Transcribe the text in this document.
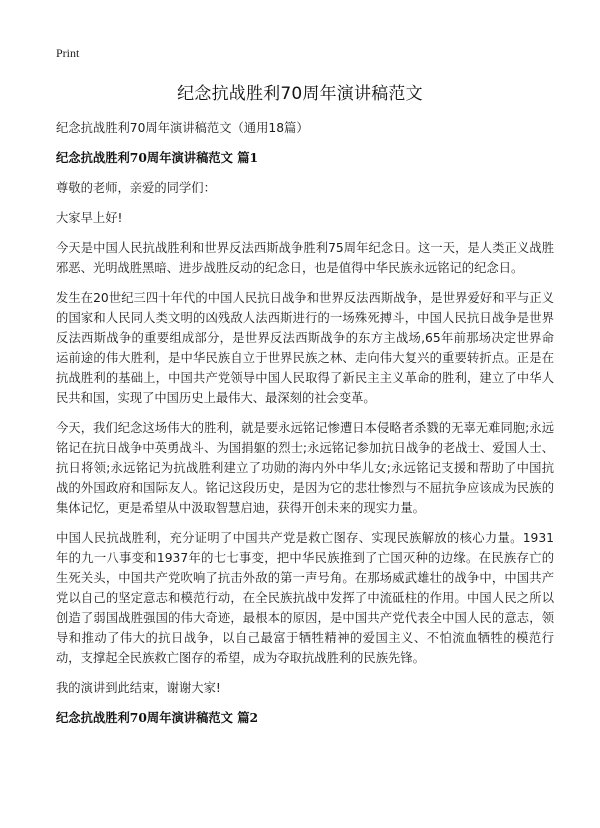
Print
纪念抗战胜利70周年演讲稿范文

纪念抗战胜利70周年演讲稿范文（通用18篇）

纪念抗战胜利70周年演讲稿范文 篇1

尊敬的老师，亲爱的同学们：

大家早上好!

今天是中国人民抗战胜利和世界反法西斯战争胜利75周年纪念日。这一天，是人类正义战胜邪恶、光明战胜黑暗、进步战胜反动的纪念日，也是值得中华民族永远铭记的纪念日。

发生在20世纪三四十年代的中国人民抗日战争和世界反法西斯战争，是世界爱好和平与正义的国家和人民同人类文明的凶残敌人法西斯进行的一场殊死搏斗，中国人民抗日战争是世界反法西斯战争的重要组成部分，是世界反法西斯战争的东方主战场,65年前那场决定世界命运前途的伟大胜利，是中华民族自立于世界民族之林、走向伟大复兴的重要转折点。正是在抗战胜利的基础上，中国共产党领导中国人民取得了新民主主义革命的胜利，建立了中华人民共和国，实现了中国历史上最伟大、最深刻的社会变革。

今天，我们纪念这场伟大的胜利，就是要永远铭记惨遭日本侵略者杀戮的无辜无难同胞;永远铭记在抗日战争中英勇战斗、为国捐躯的烈士;永远铭记参加抗日战争的老战士、爱国人士、抗日将领;永远铭记为抗战胜利建立了功勋的海内外中华儿女;永远铭记支援和帮助了中国抗战的外国政府和国际友人。铭记这段历史，是因为它的悲壮惨烈与不屈抗争应该成为民族的集体记忆，更是希望从中汲取智慧启迪，获得开创未来的现实力量。

中国人民抗战胜利，充分证明了中国共产党是救亡图存、实现民族解放的核心力量。1931年的九一八事变和1937年的七七事变，把中华民族推到了亡国灭种的边缘。在民族存亡的生死关头，中国共产党吹响了抗击外敌的第一声号角。在那场威武雄壮的战争中，中国共产党以自己的坚定意志和模范行动，在全民族抗战中发挥了中流砥柱的作用。中国人民之所以创造了弱国战胜强国的伟大奇迹，最根本的原因，是中国共产党代表全中国人民的意志，领导和推动了伟大的抗日战争，以自己最富于牺牲精神的爱国主义、不怕流血牺牲的模范行动，支撑起全民族救亡图存的希望，成为夺取抗战胜利的民族先锋。

我的演讲到此结束，谢谢大家!

纪念抗战胜利70周年演讲稿范文 篇2
